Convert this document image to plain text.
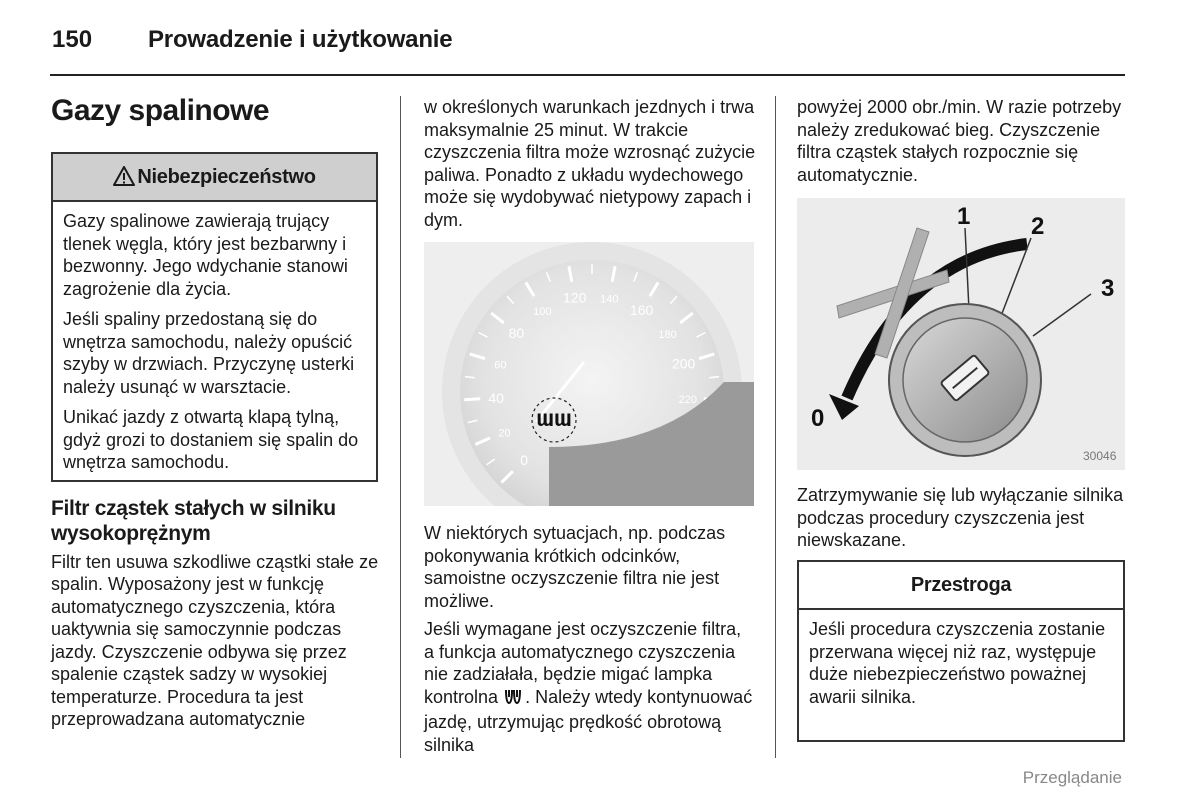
150 Prowadzenie i użytkowanie
Gazy spalinowe
Niebezpieczeństwo

Gazy spalinowe zawierają trujący tlenek węgla, który jest bezbarwny i bezwonny. Jego wdychanie stanowi zagrożenie dla życia.

Jeśli spaliny przedostaną się do wnętrza samochodu, należy opuścić szyby w drzwiach. Przyczynę usterki należy usunąć w warsztacie.

Unikać jazdy z otwartą klapą tylną, gdyż grozi to dostaniem się spalin do wnętrza samochodu.

Filtr cząstek stałych w silniku wysokoprężnym

Filtr ten usuwa szkodliwe cząstki stałe ze spalin. Wyposażony jest w funkcję automatycznego czyszczenia, która uaktywnia się samoczynnie podczas jazdy. Czyszczenie odbywa się przez spalenie cząstek sadzy w wysokiej temperaturze. Procedura ta jest przeprowadzana automatycznie

w określonych warunkach jezdnych i trwa maksymalnie 25 minut. W trakcie czyszczenia filtra może wzrosnąć zużycie paliwa. Ponadto z układu wydechowego może się wydobywać nietypowy zapach i dym.

0
20
40
60
80
100
120 140
160
180
200
220
ƜƜ

W niektórych sytuacjach, np. podczas pokonywania krótkich odcinków, samoistne oczyszczenie filtra nie jest możliwe.

Jeśli wymagane jest oczyszczenie filtra, a funkcja automatycznego czyszczenia nie zadziałała, będzie migać lampka kontrolna . Należy wtedy kontynuować jazdę, utrzymując prędkość obrotową silnika

powyżej 2000 obr./min. W razie potrzeby należy zredukować bieg. Czyszczenie filtra cząstek stałych rozpocznie się automatycznie.

0
1	2
3
30046

Zatrzymywanie się lub wyłączanie silnika podczas procedury czyszczenia jest niewskazane.

Przestroga
Jeśli procedura czyszczenia zostanie przerwana więcej niż raz, występuje duże niebezpieczeństwo poważnej awarii silnika.
Przeglądanie
